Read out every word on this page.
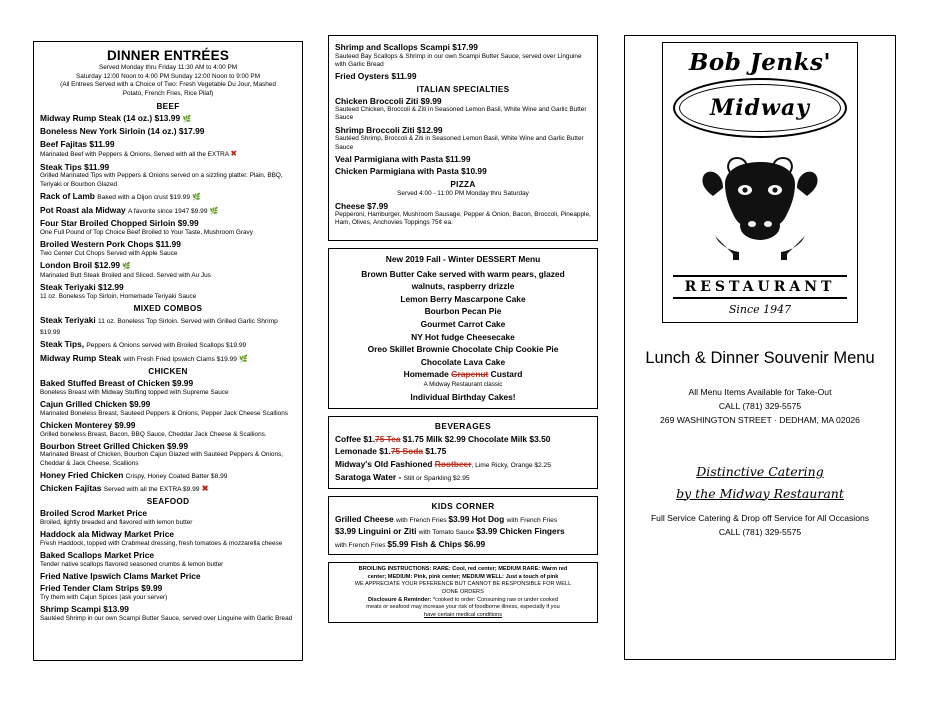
DINNER ENTRÉES
Served Monday thru Friday 11:30 AM to 4:00 PM
Saturday 12:00 Noon to 4:00 PM Sunday 12:00 Noon to 9:00 PM
(All Entrees Served with a Choice of Two: Fresh Vegetable Du Jour, Mashed
Potato, French Fries, Rice Pilaf)
BEEF
Midway Rump Steak (14 oz.) $13.99 🌿
Boneless New York Sirloin (14 oz.) $17.99
Beef Fajitas $11.99
Marinated Beef with Peppers & Onions, Served with all the EXTRA ✖
Steak Tips $11.99
Grilled Marinated Tips with Peppers & Onions served on a sizzling platter. Plain, BBQ, Teriyaki or Bourbon Glazed
Rack of Lamb Baked with a Dijon crust $19.99 🌿
Pot Roast ala Midway A favorite since 1947 $9.99 🌿
Four Star Broiled Chopped Sirloin $9.99
One Full Pound of Top Choice Beef Broiled to Your Taste, Mushroom Gravy
Broiled Western Pork Chops $11.99
Two Center Cut Chops Served with Apple Sauce
London Broil $12.99 🌿
Marinated Butt Steak Broiled and Sliced. Served with Au Jus
Steak Teriyaki $12.99
11 oz. Boneless Top Sirloin, Homemade Teriyaki Sauce
MIXED COMBOS
Steak Teriyaki 11 oz. Boneless Top Sirloin. Served with Grilled Garlic Shrimp $19.99
Steak Tips, Peppers & Onions served with Broiled Scallops $19.99
Midway Rump Steak with Fresh Fried Ipswich Clams $19.99 🌿
CHICKEN
Baked Stuffed Breast of Chicken $9.99
Boneless Breast with Midway Stuffing topped with Supreme Sauce
Cajun Grilled Chicken $9.99
Marinated Boneless Breast, Sauteed Peppers & Onions, Pepper Jack Cheese Scallions
Chicken Monterey $9.99
Grilled boneless Breast, Bacon, BBQ Sauce, Cheddar Jack Cheese & Scallions.
Bourbon Street Grilled Chicken $9.99
Marinated Breast of Chicken, Bourbon Cajun Glazed with Sautéed Peppers & Onions, Cheddar & Jack Cheese, Scallions
Honey Fried Chicken Crispy, Honey Coated Batter $8.99
Chicken Fajitas Served with all the EXTRA $9.99 ✖
SEAFOOD
Broiled Scrod Market Price
Broiled, lightly breaded and flavored with lemon butter
Haddock ala Midway Market Price
Fresh Haddock, topped with Crabmeat dressing, fresh tomatoes & mozzarella cheese
Baked Scallops Market Price
Tender native scallops flavored seasoned crumbs & lemon butter
Fried Native Ipswich Clams Market Price
Fried Tender Clam Strips $9.99
Try them with Cajun Spices (ask your server)
Shrimp Scampi $13.99
Sautéed Shrimp in our own Scampi Butter Sauce, served over Linguine with Garlic Bread
Shrimp and Scallops Scampi $17.99
Sauteed Bay Scallops & Shrimp in our own Scampi Butter Sauce, served over Linguine with Garlic Bread
Fried Oysters $11.99
ITALIAN SPECIALTIES
Chicken Broccoli Ziti $9.99
Sauteed Chicken, Broccoli & Ziti in Seasoned Lemon Basil, White Wine and Garlic Butter Sauce
Shrimp Broccoli Ziti $12.99
Sautéed Shrimp, Broccoli & Ziti in Seasoned Lemon Basil, White Wine and Garlic Butter Sauce
Veal Parmigiana with Pasta $11.99
Chicken Parmigiana with Pasta $10.99
PIZZA
Served 4:00 - 11:00 PM Monday thru Saturday
Cheese $7.99
Pepperoni, Hamburger, Mushroom Sausage, Pepper & Onion, Bacon, Broccoli, Pineapple, Ham, Olives, Anchovies Toppings 75¢ ea.
New 2019 Fall - Winter DESSERT Menu
Brown Butter Cake served with warm pears, glazed
walnuts, raspberry drizzle
Lemon Berry Mascarpone Cake
Bourbon Pecan Pie
Gourmet Carrot Cake
NY Hot fudge Cheesecake
Oreo Skillet Brownie Chocolate Chip Cookie Pie
Chocolate Lava Cake
Homemade Grapenut Custard
A Midway Restaurant classic
Individual Birthday Cakes!
BEVERAGES
Coffee $1.75 Tea $1.75 Milk $2.99 Chocolate Milk $3.50
Lemonade $1.75 Soda $1.75
Midway's Old Fashioned Rootbeer, Lime Ricky, Orange $2.25
Saratoga Water - Still or Sparkling $2.95
KIDS CORNER
Grilled Cheese with French Fries $3.99 Hot Dog with French Fries
$3.99 Linguini or Ziti with Tomato Sauce $3.99 Chicken Fingers
with French Fries $5.99 Fish & Chips $6.99
BROILING INSTRUCTIONS: RARE: Cool, red center; MEDIUM RARE: Warm red
center; MEDIUM: Pink, pink center; MEDIUM WELL: Just a touch of pink
WE APPRECIATE YOUR PEFERENCE BUT CANNOT BE RESPONSIBLE FOR WELL
DONE ORDERS
Disclosure & Reminder: *cooked to order: Consuming raw or under cooked
meats or seafood may increase your risk of foodborne illness, especially if you
have certain medical conditions
Bob Jenks'
Midway
RESTAURANT
Since 1947
Lunch & Dinner Souvenir Menu
All Menu Items Available for Take-Out
CALL (781) 329-5575
269 WASHINGTON STREET · DEDHAM, MA 02026
Distinctive Catering
by the Midway Restaurant
Full Service Catering & Drop off Service for All Occasions
CALL (781) 329-5575
